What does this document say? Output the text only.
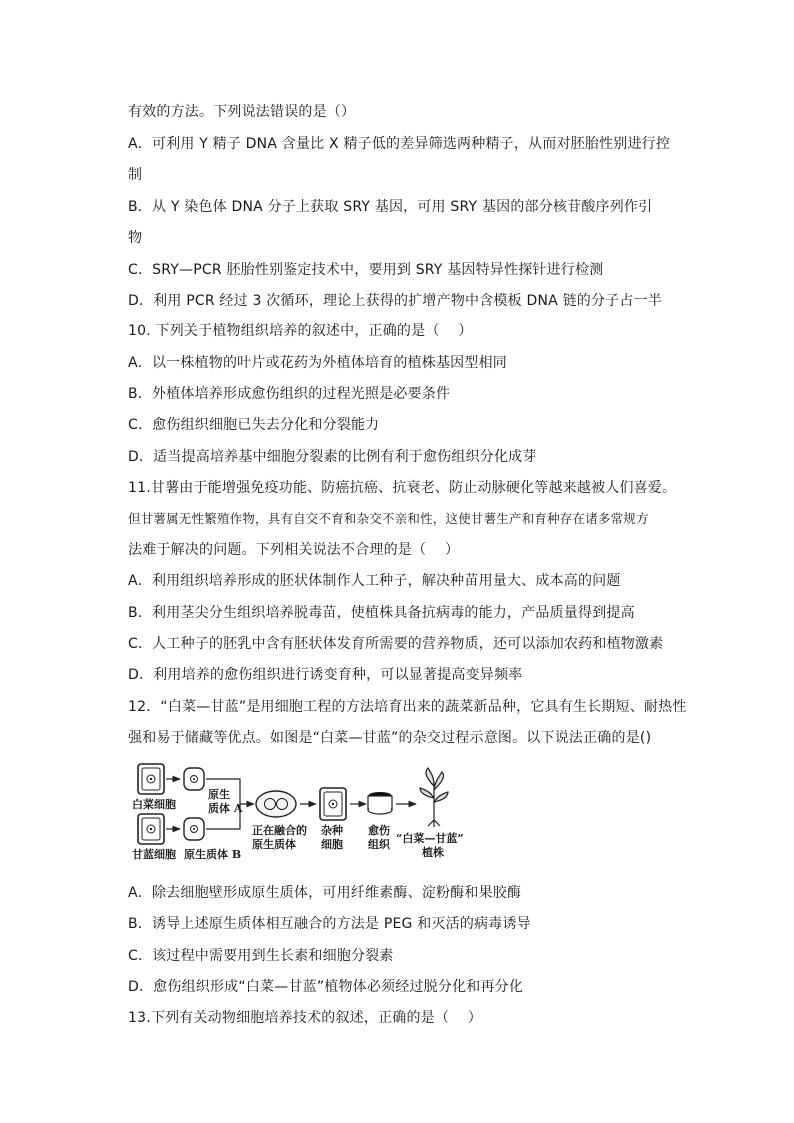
有效的方法。下列说法错误的是（）
A．可利用 Y 精子 DNA 含量比 X 精子低的差异筛选两种精子，从而对胚胎性别进行控
制
B．从 Y 染色体 DNA 分子上获取 SRY 基因，可用 SRY 基因的部分核苷酸序列作引
物
C．SRY—PCR 胚胎性别鉴定技术中，要用到 SRY 基因特异性探针进行检测
D．利用 PCR 经过 3 次循环，理论上获得的扩增产物中含模板 DNA 链的分子占一半
10. 下列关于植物组织培养的叙述中，正确的是（　 ）
A．以一株植物的叶片或花药为外植体培育的植株基因型相同
B．外植体培养形成愈伤组织的过程光照是必要条件
C．愈伤组织细胞已失去分化和分裂能力
D．适当提高培养基中细胞分裂素的比例有利于愈伤组织分化成芽
11.甘薯由于能增强免疫功能、防癌抗癌、抗衰老、防止动脉硬化等越来越被人们喜爱。
但甘薯属无性繁殖作物，具有自交不育和杂交不亲和性，这使甘薯生产和育种存在诸多常规方
法难于解决的问题。下列相关说法不合理的是（　 ）
A．利用组织培养形成的胚状体制作人工种子，解决种苗用量大、成本高的问题
B．利用茎尖分生组织培养脱毒苗，使植株具备抗病毒的能力，产品质量得到提高
C．人工种子的胚乳中含有胚状体发育所需要的营养物质，还可以添加农药和植物激素
D．利用培养的愈伤组织进行诱变育种，可以显著提高变异频率
12．“白菜—甘蓝”是用细胞工程的方法培育出来的蔬菜新品种，它具有生长期短、耐热性
强和易于储藏等优点。如图是“白菜—甘蓝”的杂交过程示意图。以下说法正确的是()
白菜细胞
原生
质体 A
甘蓝细胞 原生质体 B
正在融合的
原生质体
杂种
细胞
愈伤
组织 “白菜—甘蓝”
植株
A．除去细胞壁形成原生质体，可用纤维素酶、淀粉酶和果胶酶
B．诱导上述原生质体相互融合的方法是 PEG 和灭活的病毒诱导
C．该过程中需要用到生长素和细胞分裂素
D．愈伤组织形成“白菜—甘蓝”植物体必须经过脱分化和再分化
13.下列有关动物细胞培养技术的叙述，正确的是（　 ）
